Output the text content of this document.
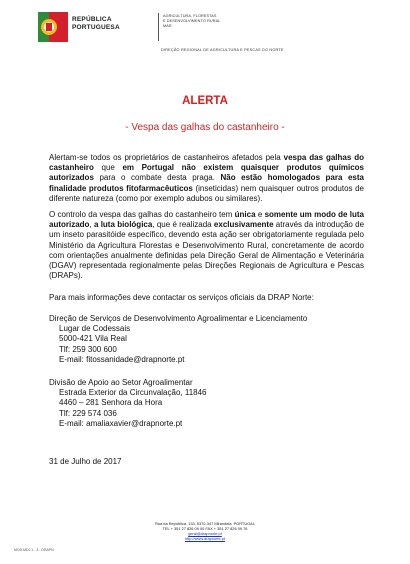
REPÚBLICA
PORTUGUESA
AGRICULTURA, FLORESTAS
E DESENVOLVIMENTO RURAL
MAR
DIREÇÃO REGIONAL DE AGRICULTURA E PESCAS DO NORTE
ALERTA
- Vespa das galhas do castanheiro -
Alertam-se todos os proprietários de castanheiros afetados pela vespa das galhas do castanheiro que em Portugal não existem quaisquer produtos químicos autorizados para o combate desta praga. Não estão homologados para esta finalidade produtos fitofarmacêuticos (inseticidas) nem quaisquer outros produtos de diferente natureza (como por exemplo adubos ou similares).
O controlo da vespa das galhas do castanheiro tem única e somente um modo de luta autorizado, a luta biológica, que é realizada exclusivamente através da introdução de um inseto parasitóide específico, devendo esta ação ser obrigatoriamente regulada pelo Ministério da Agricultura Florestas e Desenvolvimento Rural, concretamente de acordo com orientações anualmente definidas pela Direção Geral de Alimentação e Veterinária (DGAV) representada regionalmente pelas Direções Regionais de Agricultura e Pescas (DRAPs).
Para mais informações deve contactar os serviços oficiais da DRAP Norte:
Direção de Serviços de Desenvolvimento Agroalimentar e Licenciamento
Lugar de Codessais
5000-421 Vila Real
Tlf: 259 300 600
E-mail: fitossanidade@drapnorte.pt
Divisão de Apoio ao Setor Agroalimentar
Estrada Exterior da Circunvalação, 11846
4460 – 281 Senhora da Hora
Tlf: 229 574 036
E-mail: amaliaxavier@drapnorte.pt
31 de Julho de 2017
Rua da República, 133, 5370-347 Mirandela, PORTUGAL
TEL + 351 27 826 09 00 FAX + 351 27 826 09 76
geral@drapnorte.pt
http://www.drapnorte.pt
MOD.MDJ.1 - 3 - DRAPN
